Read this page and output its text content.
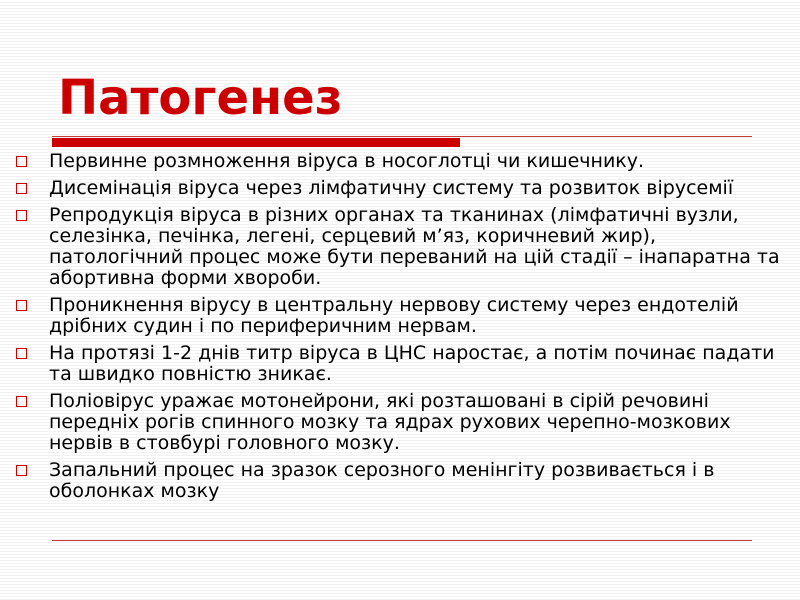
Патогенез
Первинне розмноження віруса в носоглотці чи кишечнику.
Дисемінація віруса через лімфатичну систему та розвиток вірусемії
Репродукція віруса в різних органах та тканинах (лімфатичні вузли, селезінка, печінка, легені, серцевий м’яз, коричневий жир), патологічний процес може бути переваний на цій стадії – інапаратна та абортивна форми хвороби.
Проникнення вірусу в центральну нервову систему через ендотелій дрібних судин і по периферичним нервам.
На протязі 1-2 днів титр віруса в ЦНС наростає, а потім починає падати та швидко повністю зникає.
Поліовірус уражає мотонейрони, які розташовані в сірій речовині передніх рогів спинного мозку та ядрах рухових черепно-мозкових нервів в стовбурі головного мозку.
Запальний процес на зразок серозного менінгіту розвивається і в оболонках мозку
